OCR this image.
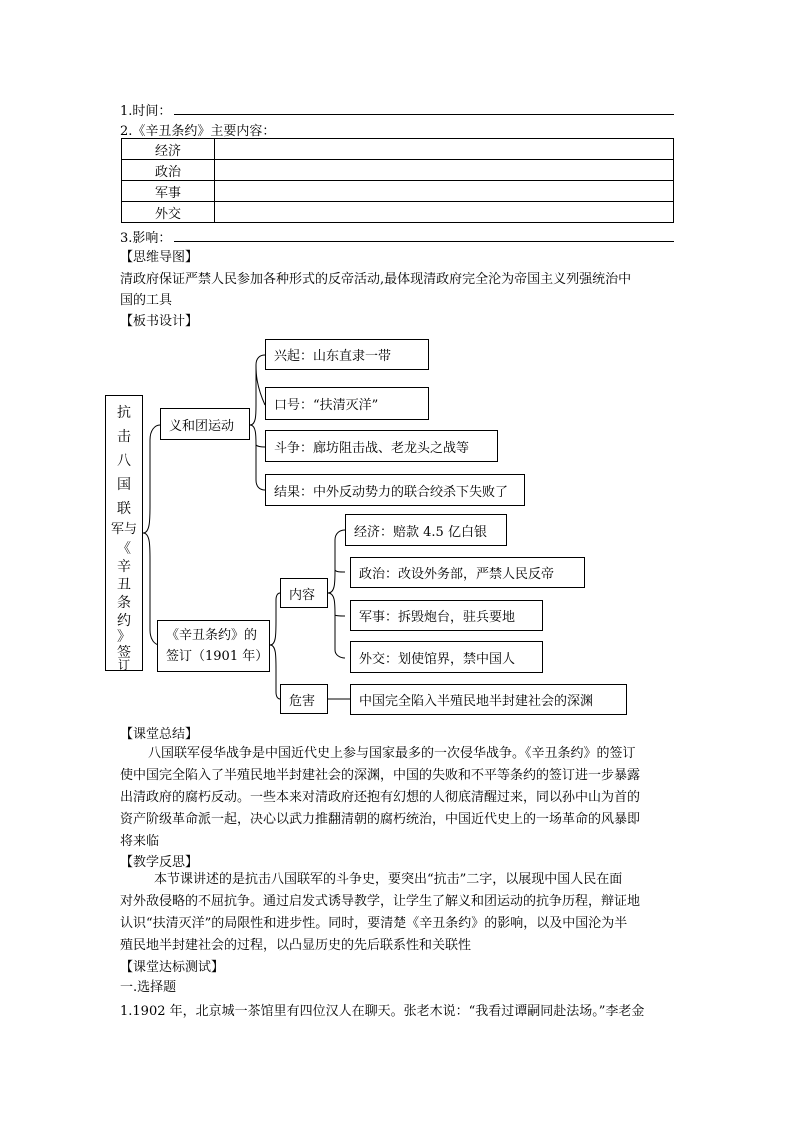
1.时间：
2.《辛丑条约》主要内容：
经济	
政治	
军事	
外交	
3.影响：
【思维导图】
清政府保证严禁人民参加各种形式的反帝活动,最体现清政府完全沦为帝国主义列强统治中
国的工具
【板书设计】
抗
击
八
国
联
军与
《
辛
丑
条
约
》
签
订
义和团运动
兴起：山东直隶一带
口号：“扶清灭洋”
斗争：廊坊阻击战、老龙头之战等
结果：中外反动势力的联合绞杀下失败了
《辛丑条约》的
签订（1901 年）
内容
经济：赔款 4.5 亿白银
政治：改设外务部，严禁人民反帝
军事：拆毁炮台，驻兵要地
外交：划使馆界，禁中国人
危害	中国完全陷入半殖民地半封建社会的深渊
【课堂总结】
八国联军侵华战争是中国近代史上参与国家最多的一次侵华战争。《辛丑条约》的签订
使中国完全陷入了半殖民地半封建社会的深渊，中国的失败和不平等条约的签订进一步暴露
出清政府的腐朽反动。一些本来对清政府还抱有幻想的人彻底清醒过来，同以孙中山为首的
资产阶级革命派一起，决心以武力推翻清朝的腐朽统治，中国近代史上的一场革命的风暴即
将来临
【教学反思】
本节课讲述的是抗击八国联军的斗争史，要突出“抗击”二字，以展现中国人民在面
对外敌侵略的不屈抗争。通过启发式诱导教学，让学生了解义和团运动的抗争历程，辩证地
认识“扶清灭洋”的局限性和进步性。同时，要清楚《辛丑条约》的影响，以及中国沦为半
殖民地半封建社会的过程，以凸显历史的先后联系性和关联性
【课堂达标测试】
一.选择题
1.1902 年，北京城一茶馆里有四位汉人在聊天。张老木说：“我看过谭嗣同赴法场。”李老金
